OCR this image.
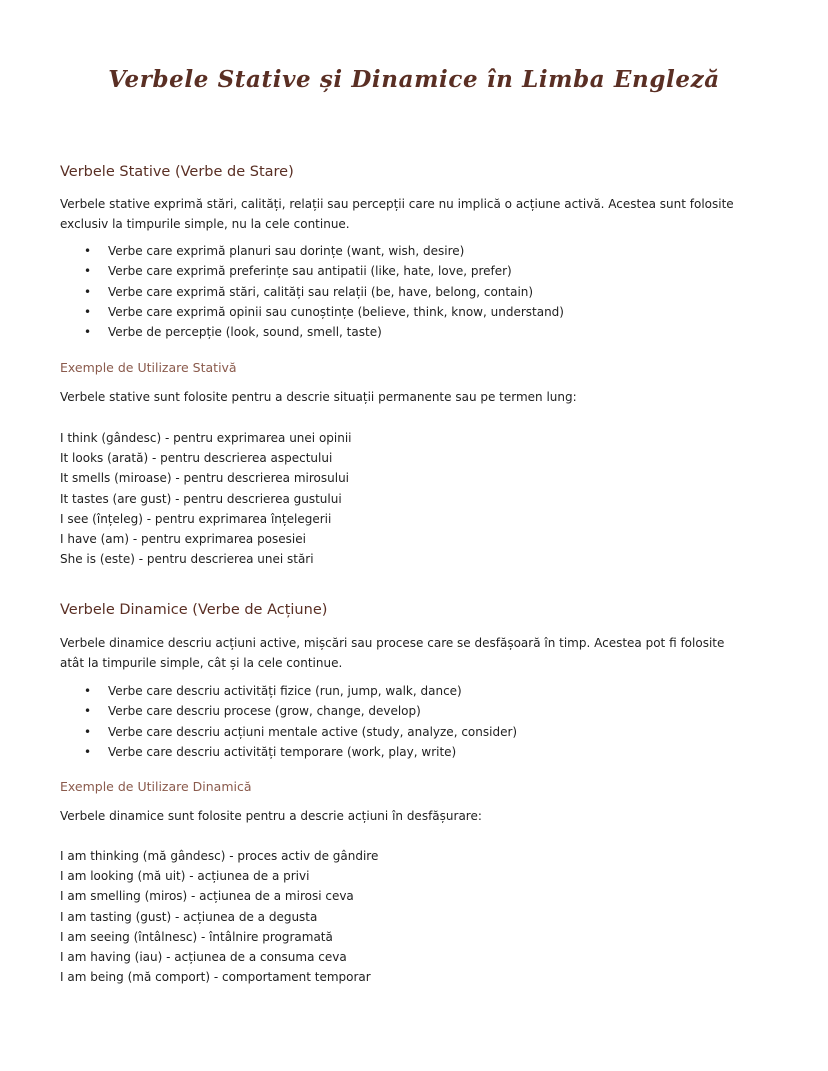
Verbele Stative și Dinamice în Limba Engleză
Verbele Stative (Verbe de Stare)

Verbele stative exprimă stări, calități, relații sau percepții care nu implică o acțiune activă. Acestea sunt folosite exclusiv la timpurile simple, nu la cele continue.

• Verbe care exprimă planuri sau dorințe (want, wish, desire)
• Verbe care exprimă preferințe sau antipatii (like, hate, love, prefer)
• Verbe care exprimă stări, calități sau relații (be, have, belong, contain)
• Verbe care exprimă opinii sau cunoștințe (believe, think, know, understand)
• Verbe de percepție (look, sound, smell, taste)
Exemple de Utilizare Stativă

Verbele stative sunt folosite pentru a descrie situații permanente sau pe termen lung:

I think (gândesc) - pentru exprimarea unei opinii
It looks (arată) - pentru descrierea aspectului
It smells (miroase) - pentru descrierea mirosului
It tastes (are gust) - pentru descrierea gustului
I see (înțeleg) - pentru exprimarea înțelegerii
I have (am) - pentru exprimarea posesiei
She is (este) - pentru descrierea unei stări
Verbele Dinamice (Verbe de Acțiune)

Verbele dinamice descriu acțiuni active, mișcări sau procese care se desfășoară în timp. Acestea pot fi folosite atât la timpurile simple, cât și la cele continue.

• Verbe care descriu activități fizice (run, jump, walk, dance)
• Verbe care descriu procese (grow, change, develop)
• Verbe care descriu acțiuni mentale active (study, analyze, consider)
• Verbe care descriu activități temporare (work, play, write)
Exemple de Utilizare Dinamică

Verbele dinamice sunt folosite pentru a descrie acțiuni în desfășurare:

I am thinking (mă gândesc) - proces activ de gândire
I am looking (mă uit) - acțiunea de a privi
I am smelling (miros) - acțiunea de a mirosi ceva
I am tasting (gust) - acțiunea de a degusta
I am seeing (întâlnesc) - întâlnire programată
I am having (iau) - acțiunea de a consuma ceva
I am being (mă comport) - comportament temporar
